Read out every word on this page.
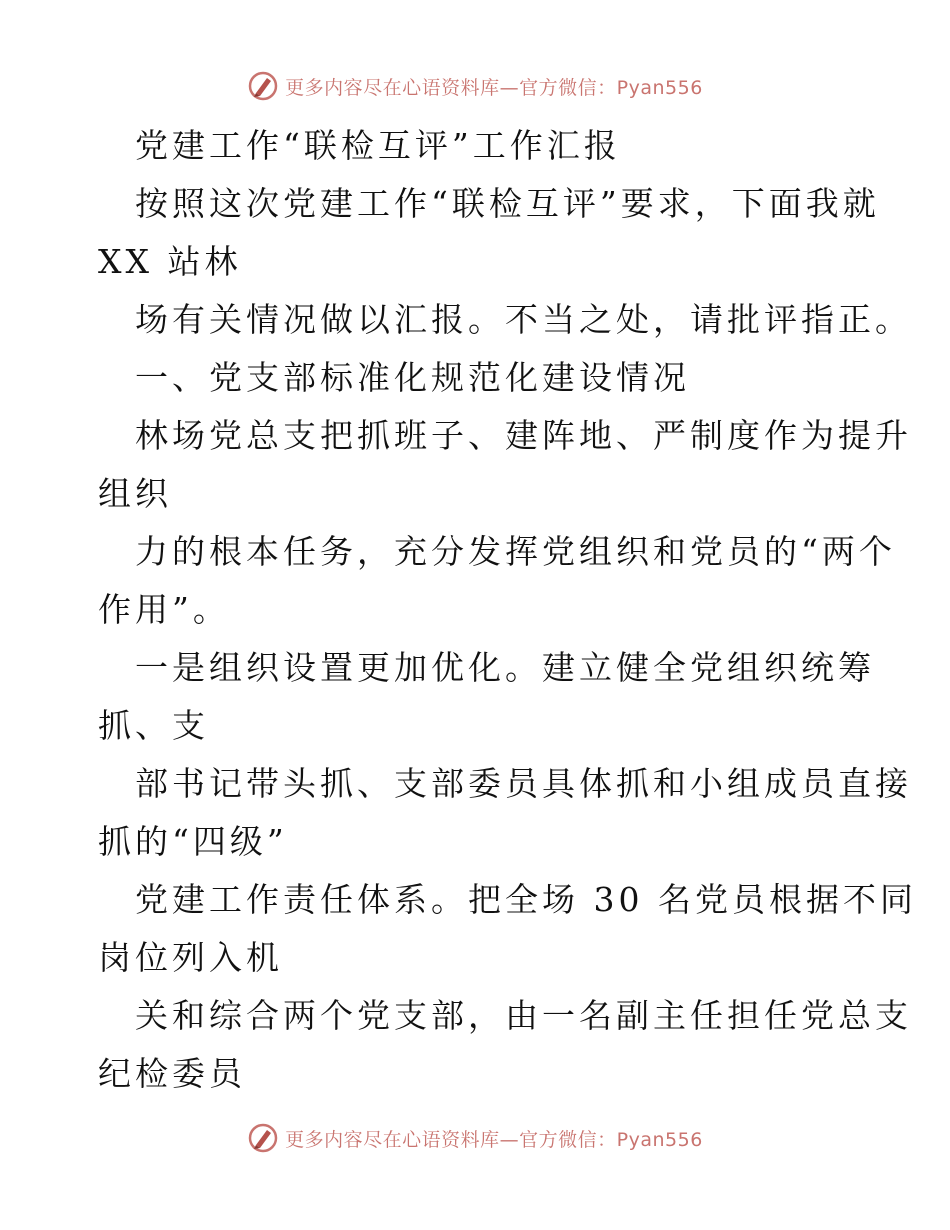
更多内容尽在心语资料库—官方微信：Pyan556
党建工作“联检互评”工作汇报
按照这次党建工作“联检互评”要求，下面我就
XX 站林
场有关情况做以汇报。不当之处，请批评指正。
一、党支部标准化规范化建设情况
林场党总支把抓班子、建阵地、严制度作为提升
组织
力的根本任务，充分发挥党组织和党员的“两个
作用”。
一是组织设置更加优化。建立健全党组织统筹
抓、支
部书记带头抓、支部委员具体抓和小组成员直接
抓的“四级”
党建工作责任体系。把全场 30 名党员根据不同
岗位列入机
关和综合两个党支部，由一名副主任担任党总支
纪检委员
更多内容尽在心语资料库—官方微信：Pyan556
